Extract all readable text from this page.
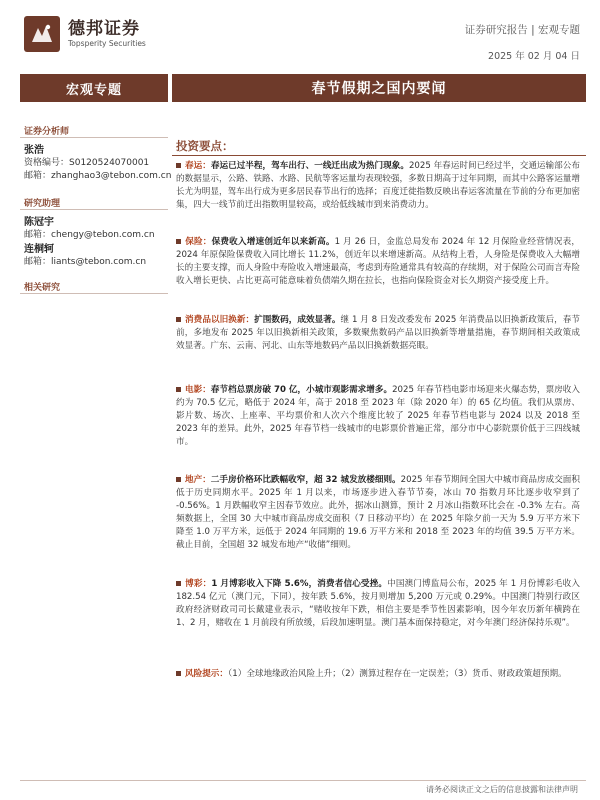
德邦证券
Topsperity Securities
证券研究报告 | 宏观专题
2025 年 02 月 04 日
宏观专题
证券分析师
张浩
资格编号：S0120524070001
邮箱：zhanghao3@tebon.com.cn
研究助理
陈冠宇
邮箱：chengy@tebon.com.cn
连桐轲
邮箱：liants@tebon.com.cn
相关研究
春节假期之国内要闻
投资要点：
春运：春运已过半程，驾车出行、一线迁出成为热门现象。2025 年春运时间已经过半，交通运输部公布的数据显示，公路、铁路、水路、民航等客运量均表现较强，多数日期高于过年同期，而其中公路客运量增长尤为明显，驾车出行成为更多居民春节出行的选择；百度迁徙指数反映出春运客流量在节前的分布更加密集，四大一线节前迁出指数明显较高，或给低线城市到来消费动力。
保险：保费收入增速创近年以来新高。1 月 26 日，金监总局发布 2024 年 12 月保险业经营情况表，2024 年原保险保费收入同比增长 11.2%，创近年以来增速新高。从结构上看，人身险是保费收入大幅增长的主要支撑，而人身险中寿险收入增速最高，考虑到寿险通常具有较高的存续期，对于保险公司而言寿险收入增长更快、占比更高可能意味着负债端久期在拉长，也指向保险资金对长久期资产接受度上升。
消费品以旧换新：扩围数码，成效显著。继 1 月 8 日发改委发布 2025 年消费品以旧换新政策后，春节前，多地发布 2025 年以旧换新相关政策，多数聚焦数码产品以旧换新等增量措施，春节期间相关政策成效显著。广东、云南、河北、山东等地数码产品以旧换新数据亮眼。
电影：春节档总票房破 70 亿，小城市观影需求增多。2025 年春节档电影市场迎来火爆态势，票房收入约为 70.5 亿元，略低于 2024 年，高于 2018 至 2023 年（除 2020 年）的 65 亿均值。我们从票房、影片数、场次、上座率、平均票价和人次六个维度比较了 2025 年春节档电影与 2024 以及 2018 至 2023 年的差异。此外，2025 年春节档一线城市的电影票价普遍正常，部分市中心影院票价低于三四线城市。
地产：二手房价格环比跌幅收窄，超 32 城发放楼细则。2025 年春节期间全国大中城市商品房成交面积低于历史同期水平。2025 年 1 月以来，市场逐步进入春节节奏，冰山 70 指数月环比逐步收窄到了 -0.56%。1 月跌幅收窄主因春节效应。此外，据冰山测算，预计 2 月冰山指数环比会在 -0.3% 左右。高频数据上，全国 30 大中城市商品房成交面积（7 日移动平均）在 2025 年除夕前一天为 5.9 万平方米下降至 1.0 万平方米，远低于 2024 年同期的 19.6 万平方米和 2018 至 2023 年的均值 39.5 万平方米。截止目前，全国超 32 城发布地产“收储”细则。
博彩：1 月博彩收入下降 5.6%，消费者信心受挫。中国澳门博监局公布，2025 年 1 月份博彩毛收入 182.54 亿元（澳门元，下同），按年跌 5.6%，按月则增加 5,200 万元或 0.29%。中国澳门特别行政区政府经济财政司司长戴建业表示，“赌收按年下跌，相信主要是季节性因素影响，因今年农历新年横跨在 1、2 月，赌收在 1 月前段有所放缓，后段加速明显。澳门基本面保持稳定，对今年澳门经济保持乐观”。
风险提示：（1）全球地缘政治风险上升；（2）测算过程存在一定误差；（3）货币、财政政策超预期。
请务必阅读正文之后的信息披露和法律声明
